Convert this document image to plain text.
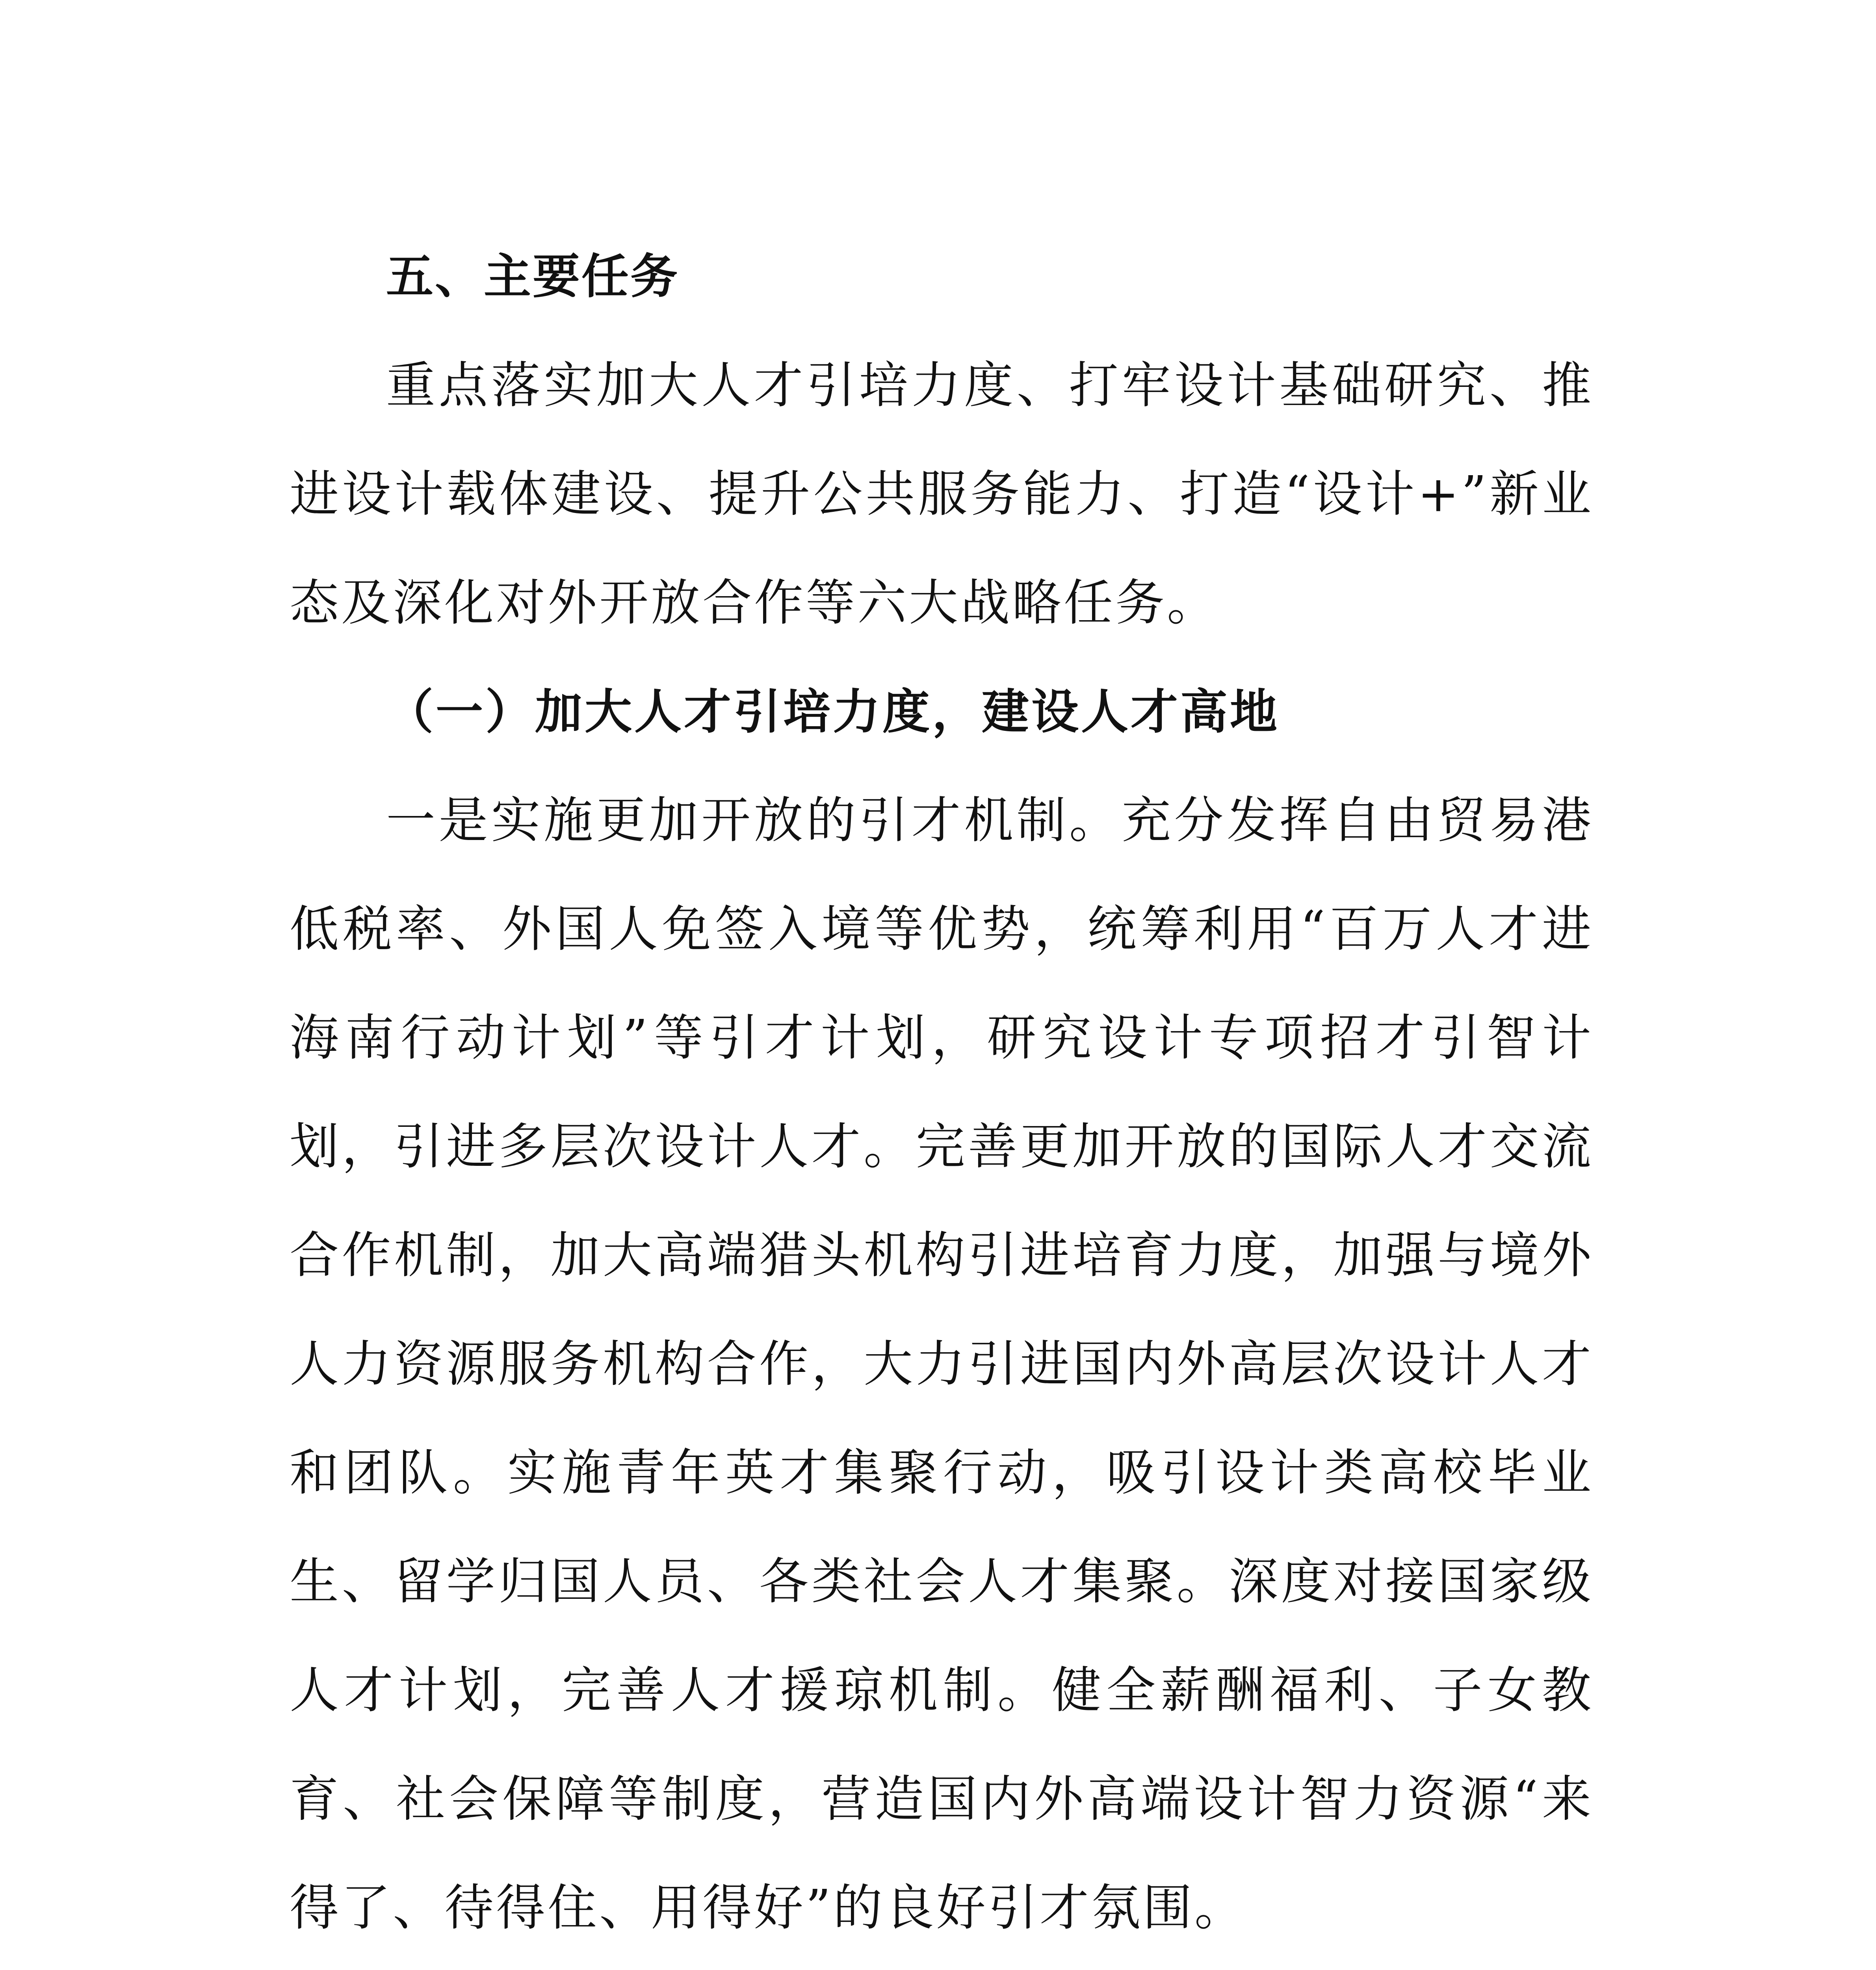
五、主要任务

重点落实加大人才引培力度、打牢设计基础研究、推进设计载体建设、提升公共服务能力、打造“设计+”新业态及深化对外开放合作等六大战略任务。

（一）加大人才引培力度，建设人才高地

一是实施更加开放的引才机制。充分发挥自由贸易港低税率、外国人免签入境等优势，统筹利用“百万人才进海南行动计划”等引才计划，研究设计专项招才引智计划，引进多层次设计人才。完善更加开放的国际人才交流合作机制，加大高端猎头机构引进培育力度，加强与境外人力资源服务机构合作，大力引进国内外高层次设计人才和团队。实施青年英才集聚行动，吸引设计类高校毕业生、留学归国人员、各类社会人才集聚。深度对接国家级人才计划，完善人才援琼机制。健全薪酬福利、子女教育、社会保障等制度，营造国内外高端设计智力资源“来得了、待得住、用得好”的良好引才氛围。
